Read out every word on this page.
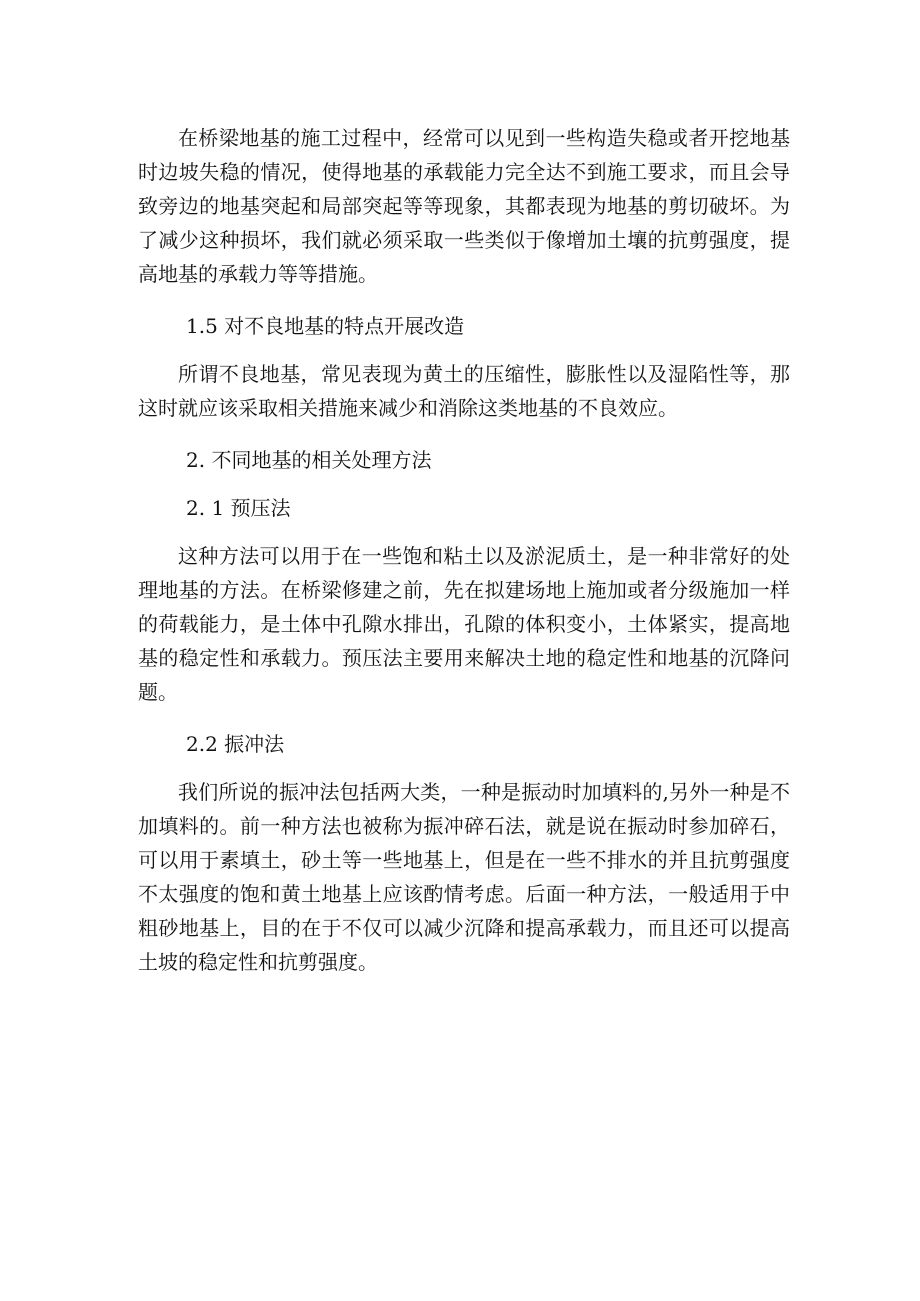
在桥梁地基的施工过程中，经常可以见到一些构造失稳或者开挖地基时边坡失稳的情况，使得地基的承载能力完全达不到施工要求，而且会导致旁边的地基突起和局部突起等等现象，其都表现为地基的剪切破坏。为了减少这种损坏，我们就必须采取一些类似于像增加土壤的抗剪强度，提高地基的承载力等等措施。

1.5 对不良地基的特点开展改造

所谓不良地基，常见表现为黄土的压缩性，膨胀性以及湿陷性等，那这时就应该采取相关措施来减少和消除这类地基的不良效应。

2. 不同地基的相关处理方法

2. 1 预压法

这种方法可以用于在一些饱和粘土以及淤泥质土，是一种非常好的处理地基的方法。在桥梁修建之前，先在拟建场地上施加或者分级施加一样的荷载能力，是土体中孔隙水排出，孔隙的体积变小，土体紧实，提高地基的稳定性和承载力。预压法主要用来解决土地的稳定性和地基的沉降问题。

2.2 振冲法

我们所说的振冲法包括两大类，一种是振动时加填料的,另外一种是不加填料的。前一种方法也被称为振冲碎石法，就是说在振动时参加碎石，可以用于素填土，砂土等一些地基上，但是在一些不排水的并且抗剪强度不太强度的饱和黄土地基上应该酌情考虑。后面一种方法，一般适用于中粗砂地基上，目的在于不仅可以减少沉降和提高承载力，而且还可以提高土坡的稳定性和抗剪强度。
